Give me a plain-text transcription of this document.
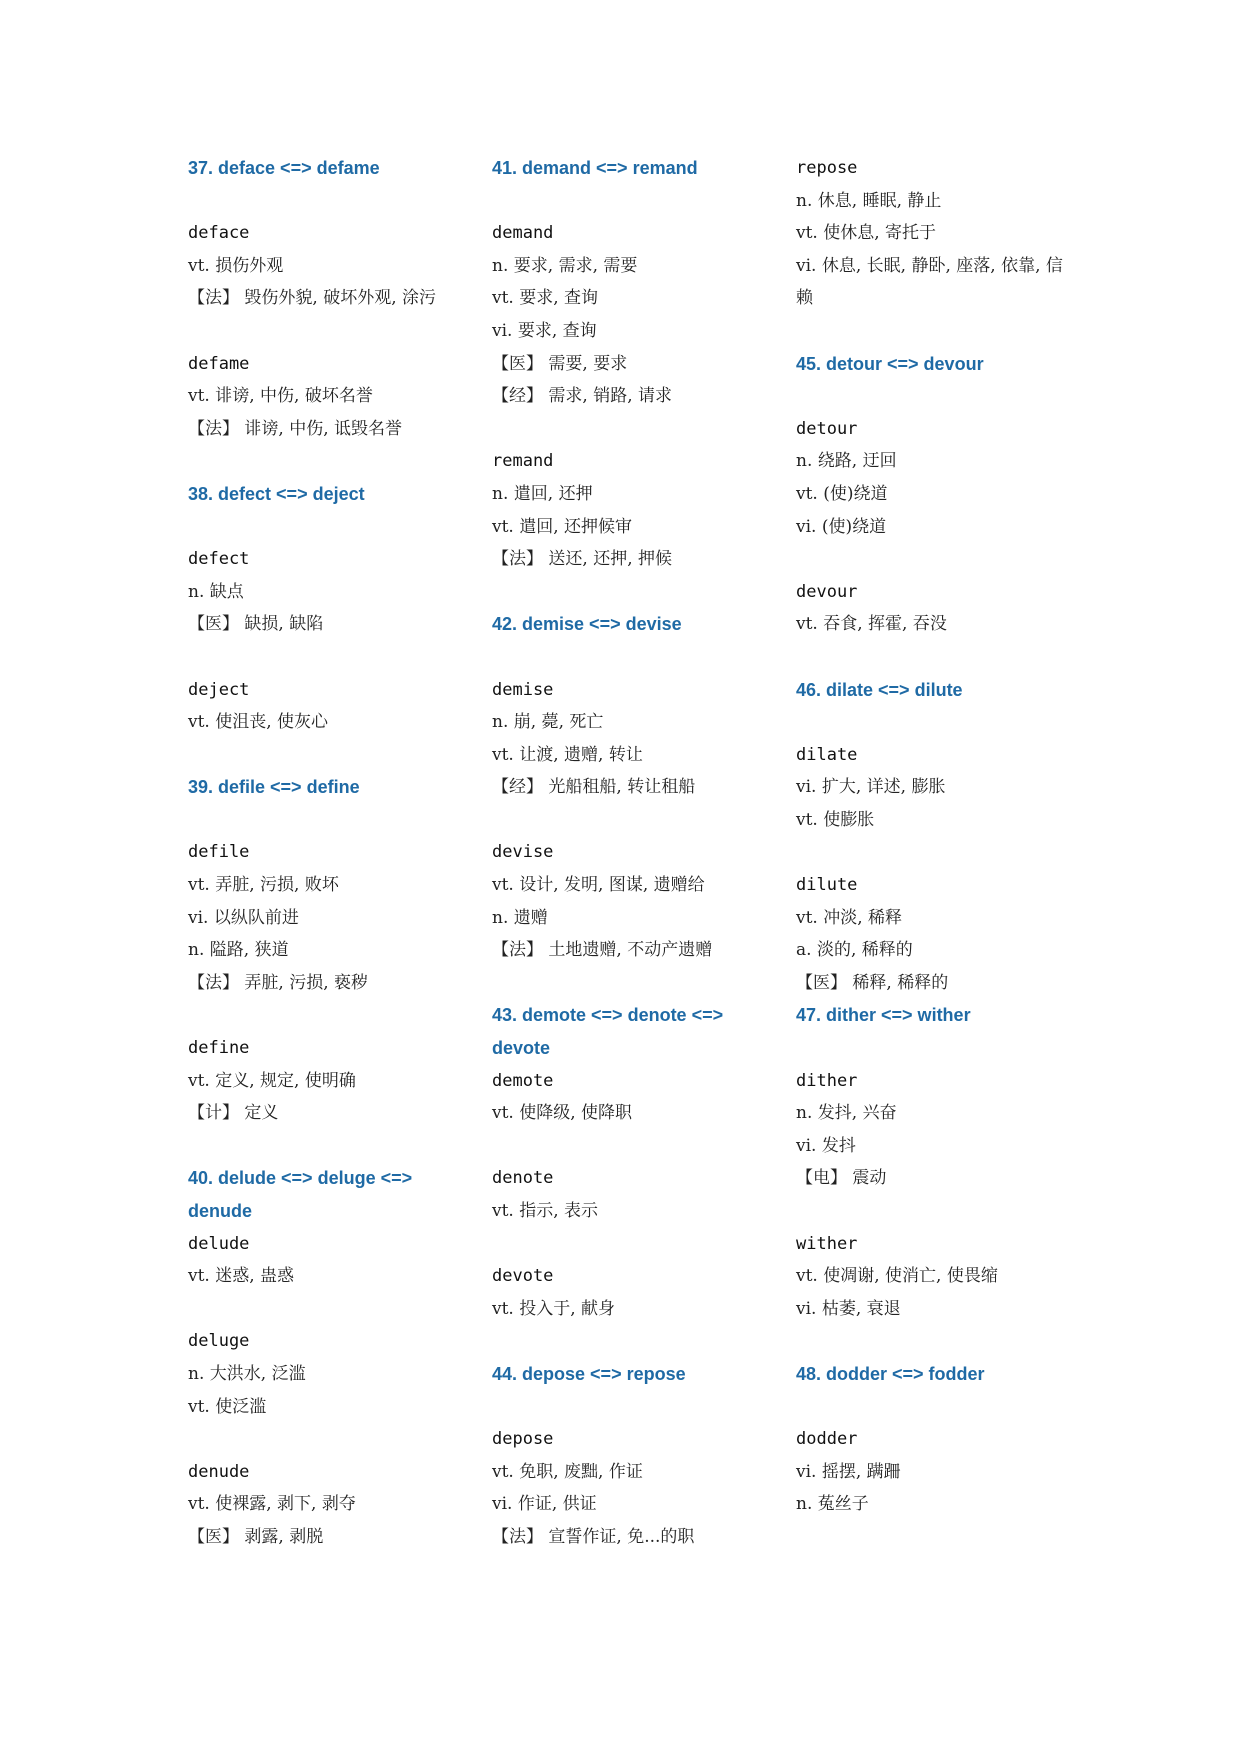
37. deface <=> defame
deface
vt. 损伤外观
【法】 毁伤外貌, 破坏外观, 涂污
defame
vt. 诽谤, 中伤, 破坏名誉
【法】 诽谤, 中伤, 诋毁名誉
38. defect <=> deject
defect
n. 缺点
【医】 缺损, 缺陷
deject
vt. 使沮丧, 使灰心
39. defile <=> define
defile
vt. 弄脏, 污损, 败坏
vi. 以纵队前进
n. 隘路, 狭道
【法】 弄脏, 污损, 亵秽
define
vt. 定义, 规定, 使明确
【计】 定义
40. delude <=> deluge <=> denude
delude
vt. 迷惑, 蛊惑
deluge
n. 大洪水, 泛滥
vt. 使泛滥
denude
vt. 使裸露, 剥下, 剥夺
【医】 剥露, 剥脱
41. demand <=> remand
demand
n. 要求, 需求, 需要
vt. 要求, 查询
vi. 要求, 查询
【医】 需要, 要求
【经】 需求, 销路, 请求
remand
n. 遣回, 还押
vt. 遣回, 还押候审
【法】 送还, 还押, 押候
42. demise <=> devise
demise
n. 崩, 薨, 死亡
vt. 让渡, 遗赠, 转让
【经】 光船租船, 转让租船
devise
vt. 设计, 发明, 图谋, 遗赠给
n. 遗赠
【法】 土地遗赠, 不动产遗赠
43. demote <=> denote <=> devote
demote
vt. 使降级, 使降职
denote
vt. 指示, 表示
devote
vt. 投入于, 献身
44. depose <=> repose
depose
vt. 免职, 废黜, 作证
vi. 作证, 供证
【法】 宣誓作证, 免...的职
repose
n. 休息, 睡眠, 静止
vt. 使休息, 寄托于
vi. 休息, 长眠, 静卧, 座落, 依靠, 信赖
45. detour <=> devour
detour
n. 绕路, 迂回
vt. (使)绕道
vi. (使)绕道
devour
vt. 吞食, 挥霍, 吞没
46. dilate <=> dilute
dilate
vi. 扩大, 详述, 膨胀
vt. 使膨胀
dilute
vt. 冲淡, 稀释
a. 淡的, 稀释的
【医】 稀释, 稀释的
47. dither <=> wither
dither
n. 发抖, 兴奋
vi. 发抖
【电】 震动
wither
vt. 使凋谢, 使消亡, 使畏缩
vi. 枯萎, 衰退
48. dodder <=> fodder
dodder
vi. 摇摆, 蹒跚
n. 菟丝子
